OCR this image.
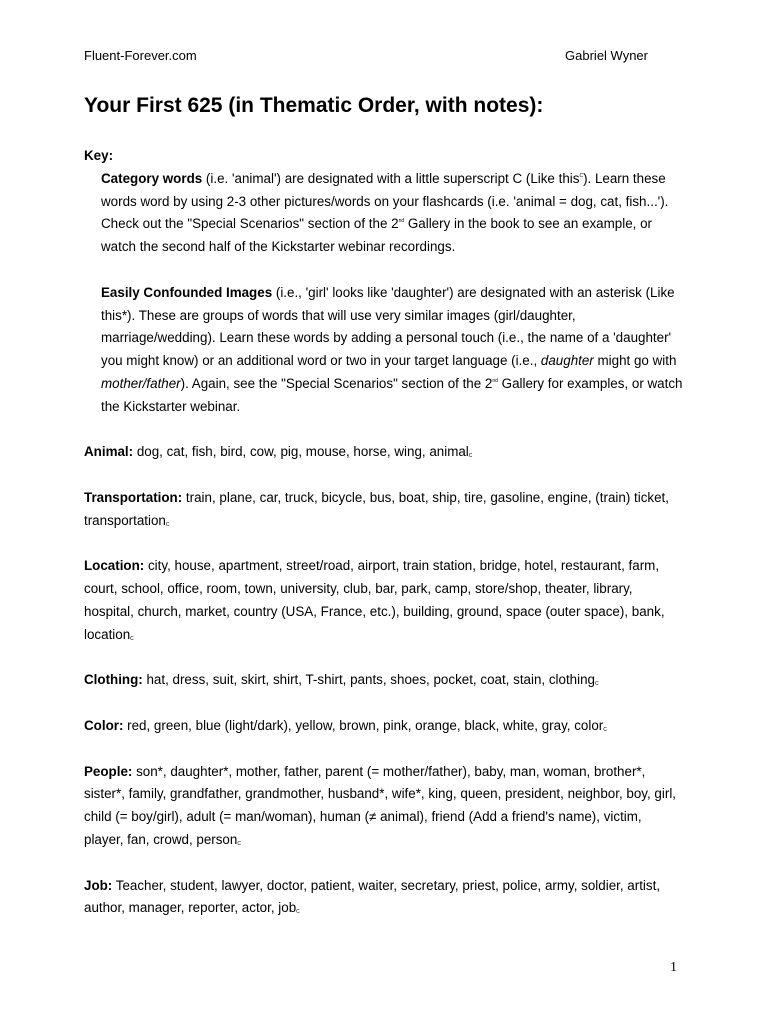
Fluent-Forever.com	Gabriel Wyner
Your First 625 (in Thematic Order, with notes):
Key:
Category words (i.e. 'animal') are designated with a little superscript C (Like this$^C$). Learn these words word by using 2-3 other pictures/words on your flashcards (i.e. 'animal = dog, cat, fish...'). Check out the "Special Scenarios" section of the 2nd Gallery in the book to see an example, or watch the second half of the Kickstarter webinar recordings.
Easily Confounded Images (i.e., 'girl' looks like 'daughter') are designated with an asterisk (Like this*). These are groups of words that will use very similar images (girl/daughter, marriage/wedding). Learn these words by adding a personal touch (i.e., the name of a 'daughter' you might know) or an additional word or two in your target language (i.e., daughter might go with mother/father). Again, see the "Special Scenarios" section of the 2nd Gallery for examples, or watch the Kickstarter webinar.
Animal: dog, cat, fish, bird, cow, pig, mouse, horse, wing, animal$_C$
Transportation: train, plane, car, truck, bicycle, bus, boat, ship, tire, gasoline, engine, (train) ticket, transportation$_C$
Location: city, house, apartment, street/road, airport, train station, bridge, hotel, restaurant, farm, court, school, office, room, town, university, club, bar, park, camp, store/shop, theater, library, hospital, church, market, country (USA, France, etc.), building, ground, space (outer space), bank, location$_C$
Clothing: hat, dress, suit, skirt, shirt, T-shirt, pants, shoes, pocket, coat, stain, clothing$_C$
Color: red, green, blue (light/dark), yellow, brown, pink, orange, black, white, gray, color$_C$
People: son*, daughter*, mother, father, parent (= mother/father), baby, man, woman, brother*, sister*, family, grandfather, grandmother, husband*, wife*, king, queen, president, neighbor, boy, girl, child (= boy/girl), adult (= man/woman), human (≠ animal), friend (Add a friend's name), victim, player, fan, crowd, person$_C$
Job: Teacher, student, lawyer, doctor, patient, waiter, secretary, priest, police, army, soldier, artist, author, manager, reporter, actor, job$_C$
1
